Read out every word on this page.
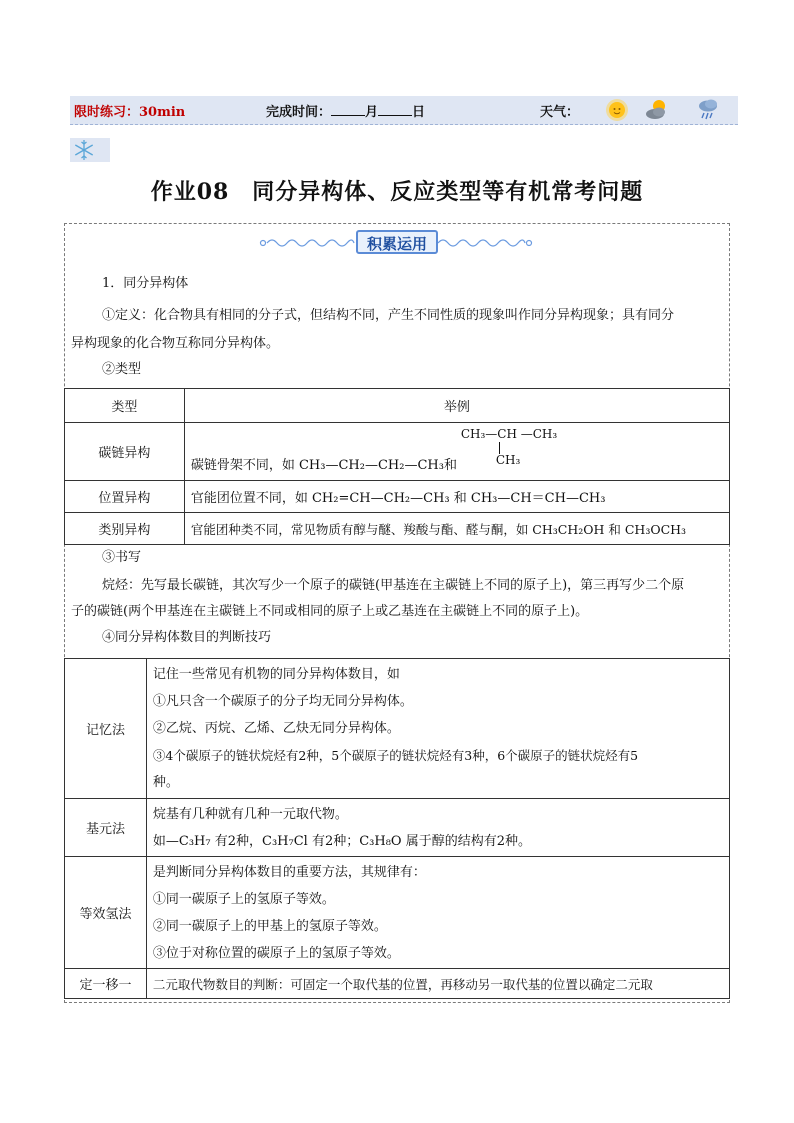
限时练习：30min	完成时间：	月	日	天气：
作业08　同分异构体、反应类型等有机常考问题
积累运用
1．同分异构体
①定义：化合物具有相同的分子式，但结构不同，产生不同性质的现象叫作同分异构现象；具有同分
异构现象的化合物互称同分异构体。
②类型
类型	举例
碳链异构	CH₃—CH —CH₃
CH₃
碳链骨架不同，如 CH₃—CH₂—CH₂—CH₃和

位置异构	官能团位置不同，如 CH₂=CH—CH₂—CH₃ 和 CH₃—CH＝CH—CH₃
类别异构	官能团种类不同，常见物质有醇与醚、羧酸与酯、醛与酮，如 CH₃CH₂OH 和 CH₃OCH₃
③书写
烷烃：先写最长碳链，其次写少一个原子的碳链(甲基连在主碳链上不同的原子上)，第三再写少二个原
子的碳链(两个甲基连在主碳链上不同或相同的原子上或乙基连在主碳链上不同的原子上)。
④同分异构体数目的判断技巧
记忆法	记住一些常见有机物的同分异构体数目，如
①凡只含一个碳原子的分子均无同分异构体。
②乙烷、丙烷、乙烯、乙炔无同分异构体。
③4个碳原子的链状烷烃有2种，5个碳原子的链状烷烃有3种，6个碳原子的链状烷烃有5
种。

基元法	烷基有几种就有几种一元取代物。
如—C₃H₇ 有2种，C₃H₇Cl 有2种；C₃H₈O 属于醇的结构有2种。

等效氢法	是判断同分异构体数目的重要方法，其规律有：
①同一碳原子上的氢原子等效。
②同一碳原子上的甲基上的氢原子等效。
③位于对称位置的碳原子上的氢原子等效。

定一移一	二元取代物数目的判断：可固定一个取代基的位置，再移动另一取代基的位置以确定二元取
